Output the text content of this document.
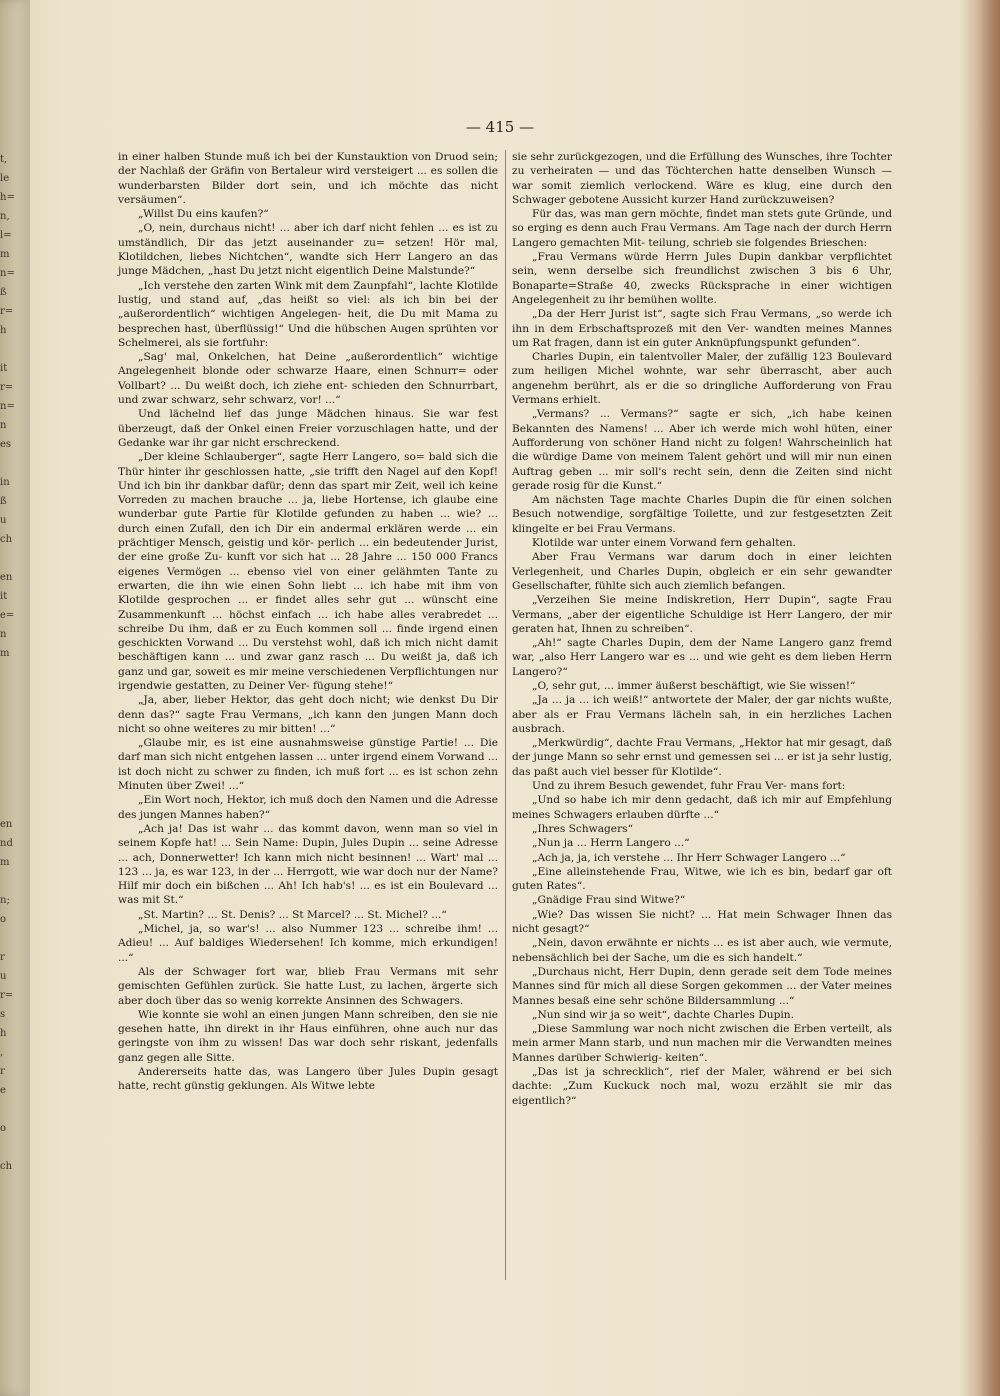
t,
le
h=
n,
l=
m
n=
ß
r=
h

it
r=
n=
n
es

in
ß
u
ch

en
it
e=
n
m

en
nd
m

n;
o

r
u
r=
s
h
,
r
e

o

ch
— 415 —

in einer halben Stunde muß ich bei der Kunstauktion von Druod sein; der Nachlaß der Gräfin von Bertaleur wird versteigert ... es sollen die wunderbarsten Bilder dort sein, und ich möchte das nicht versäumen“.

„Willst Du eins kaufen?“

„O, nein, durchaus nicht! ... aber ich darf nicht fehlen ... es ist zu umständlich, Dir das jetzt auseinander zu= setzen! Hör mal, Klotildchen, liebes Nichtchen“, wandte sich Herr Langero an das junge Mädchen, „hast Du jetzt nicht eigentlich Deine Malstunde?“

„Ich verstehe den zarten Wink mit dem Zaunpfahl“, lachte Klotilde lustig, und stand auf, „das heißt so viel: als ich bin bei der „außerordentlich“ wichtigen Angelegen- heit, die Du mit Mama zu besprechen hast, überflüssig!“ Und die hübschen Augen sprühten vor Schelmerei, als sie fortfuhr:

„Sag' mal, Onkelchen, hat Deine „außerordentlich“ wichtige Angelegenheit blonde oder schwarze Haare, einen Schnurr= oder Vollbart? ... Du weißt doch, ich ziehe ent- schieden den Schnurrbart, und zwar schwarz, sehr schwarz, vor! ...“

Und lächelnd lief das junge Mädchen hinaus. Sie war fest überzeugt, daß der Onkel einen Freier vorzuschlagen hatte, und der Gedanke war ihr gar nicht erschreckend.

„Der kleine Schlauberger“, sagte Herr Langero, so= bald sich die Thür hinter ihr geschlossen hatte, „sie trifft den Nagel auf den Kopf! Und ich bin ihr dankbar dafür; denn das spart mir Zeit, weil ich keine Vorreden zu machen brauche ... ja, liebe Hortense, ich glaube eine wunderbar gute Partie für Klotilde gefunden zu haben ... wie? ... durch einen Zufall, den ich Dir ein andermal erklären werde ... ein prächtiger Mensch, geistig und kör- perlich ... ein bedeutender Jurist, der eine große Zu- kunft vor sich hat ... 28 Jahre ... 150 000 Francs eigenes Vermögen ... ebenso viel von einer gelähmten Tante zu erwarten, die ihn wie einen Sohn liebt ... ich habe mit ihm von Klotilde gesprochen ... er findet alles sehr gut ... wünscht eine Zusammenkunft ... höchst einfach ... ich habe alles verabredet ... schreibe Du ihm, daß er zu Euch kommen soll ... finde irgend einen geschickten Vorwand ... Du verstehst wohl, daß ich mich nicht damit beschäftigen kann ... und zwar ganz rasch ... Du weißt ja, daß ich ganz und gar, soweit es mir meine verschiedenen Verpflichtungen nur irgendwie gestatten, zu Deiner Ver- fügung stehe!“

„Ja, aber, lieber Hektor, das geht doch nicht; wie denkst Du Dir denn das?“ sagte Frau Vermans, „ich kann den jungen Mann doch nicht so ohne weiteres zu mir bitten! ...“

„Glaube mir, es ist eine ausnahmsweise günstige Partie! ... Die darf man sich nicht entgehen lassen ... unter irgend einem Vorwand ... ist doch nicht zu schwer zu finden, ich muß fort ... es ist schon zehn Minuten über Zwei! ...“

„Ein Wort noch, Hektor, ich muß doch den Namen und die Adresse des jungen Mannes haben?“

„Ach ja! Das ist wahr ... das kommt davon, wenn man so viel in seinem Kopfe hat! ... Sein Name: Dupin, Jules Dupin ... seine Adresse ... ach, Donnerwetter! Ich kann mich nicht besinnen! ... Wart' mal ... 123 ... ja, es war 123, in der ... Herrgott, wie war doch nur der Name? Hilf mir doch ein bißchen ... Ah! Ich hab's! ... es ist ein Boulevard ... was mit St.“

„St. Martin? ... St. Denis? ... St Marcel? ... St. Michel? ...“

„Michel, ja, so war's! ... also Nummer 123 ... schreibe ihm! ... Adieu! ... Auf baldiges Wiedersehen! Ich komme, mich erkundigen! ...“

Als der Schwager fort war, blieb Frau Vermans mit sehr gemischten Gefühlen zurück. Sie hatte Lust, zu lachen, ärgerte sich aber doch über das so wenig korrekte Ansinnen des Schwagers.

Wie konnte sie wohl an einen jungen Mann schreiben, den sie nie gesehen hatte, ihn direkt in ihr Haus einführen, ohne auch nur das geringste von ihm zu wissen! Das war doch sehr riskant, jedenfalls ganz gegen alle Sitte.

Andererseits hatte das, was Langero über Jules Dupin gesagt hatte, recht günstig geklungen. Als Witwe lebte

sie sehr zurückgezogen, und die Erfüllung des Wunsches, ihre Tochter zu verheiraten — und das Töchterchen hatte denselben Wunsch — war somit ziemlich verlockend. Wäre es klug, eine durch den Schwager gebotene Aussicht kurzer Hand zurückzuweisen?

Für das, was man gern möchte, findet man stets gute Gründe, und so erging es denn auch Frau Vermans. Am Tage nach der durch Herrn Langero gemachten Mit- teilung, schrieb sie folgendes Brieschen:

„Frau Vermans würde Herrn Jules Dupin dankbar verpflichtet sein, wenn derselbe sich freundlichst zwischen 3 bis 6 Uhr, Bonaparte=Straße 40, zwecks Rücksprache in einer wichtigen Angelegenheit zu ihr bemühen wollte.

„Da der Herr Jurist ist“, sagte sich Frau Vermans, „so werde ich ihn in dem Erbschaftsprozeß mit den Ver- wandten meines Mannes um Rat fragen, dann ist ein guter Anknüpfungspunkt gefunden“.

Charles Dupin, ein talentvoller Maler, der zufällig 123 Boulevard zum heiligen Michel wohnte, war sehr überrascht, aber auch angenehm berührt, als er die so dringliche Aufforderung von Frau Vermans erhielt.

„Vermans? ... Vermans?“ sagte er sich, „ich habe keinen Bekannten des Namens! ... Aber ich werde mich wohl hüten, einer Aufforderung von schöner Hand nicht zu folgen! Wahrscheinlich hat die würdige Dame von meinem Talent gehört und will mir nun einen Auftrag geben ... mir soll's recht sein, denn die Zeiten sind nicht gerade rosig für die Kunst.“

Am nächsten Tage machte Charles Dupin die für einen solchen Besuch notwendige, sorgfältige Toilette, und zur festgesetzten Zeit klingelte er bei Frau Vermans.

Klotilde war unter einem Vorwand fern gehalten.

Aber Frau Vermans war darum doch in einer leichten Verlegenheit, und Charles Dupin, obgleich er ein sehr gewandter Gesellschafter, fühlte sich auch ziemlich befangen.

„Verzeihen Sie meine Indiskretion, Herr Dupin“, sagte Frau Vermans, „aber der eigentliche Schuldige ist Herr Langero, der mir geraten hat, Ihnen zu schreiben“.

„Ah!“ sagte Charles Dupin, dem der Name Langero ganz fremd war, „also Herr Langero war es ... und wie geht es dem lieben Herrn Langero?“

„O, sehr gut, ... immer äußerst beschäftigt, wie Sie wissen!“

„Ja ... ja ... ich weiß!“ antwortete der Maler, der gar nichts wußte, aber als er Frau Vermans lächeln sah, in ein herzliches Lachen ausbrach.

„Merkwürdig“, dachte Frau Vermans, „Hektor hat mir gesagt, daß der junge Mann so sehr ernst und gemessen sei ... er ist ja sehr lustig, das paßt auch viel besser für Klotilde“.

Und zu ihrem Besuch gewendet, fuhr Frau Ver- mans fort:

„Und so habe ich mir denn gedacht, daß ich mir auf Empfehlung meines Schwagers erlauben dürfte ...“

„Ihres Schwagers“

„Nun ja ... Herrn Langero ...“

„Ach ja, ja, ich verstehe ... Ihr Herr Schwager Langero ...“

„Eine alleinstehende Frau, Witwe, wie ich es bin, bedarf gar oft guten Rates“.

„Gnädige Frau sind Witwe?“

„Wie? Das wissen Sie nicht? ... Hat mein Schwager Ihnen das nicht gesagt?“

„Nein, davon erwähnte er nichts ... es ist aber auch, wie vermute, nebensächlich bei der Sache, um die es sich handelt.“

„Durchaus nicht, Herr Dupin, denn gerade seit dem Tode meines Mannes sind für mich all diese Sorgen gekommen ... der Vater meines Mannes besaß eine sehr schöne Bildersammlung ...“

„Nun sind wir ja so weit“, dachte Charles Dupin.

„Diese Sammlung war noch nicht zwischen die Erben verteilt, als mein armer Mann starb, und nun machen mir die Verwandten meines Mannes darüber Schwierig- keiten“.

„Das ist ja schrecklich“, rief der Maler, während er bei sich dachte: „Zum Kuckuck noch mal, wozu erzählt sie mir das eigentlich?“
